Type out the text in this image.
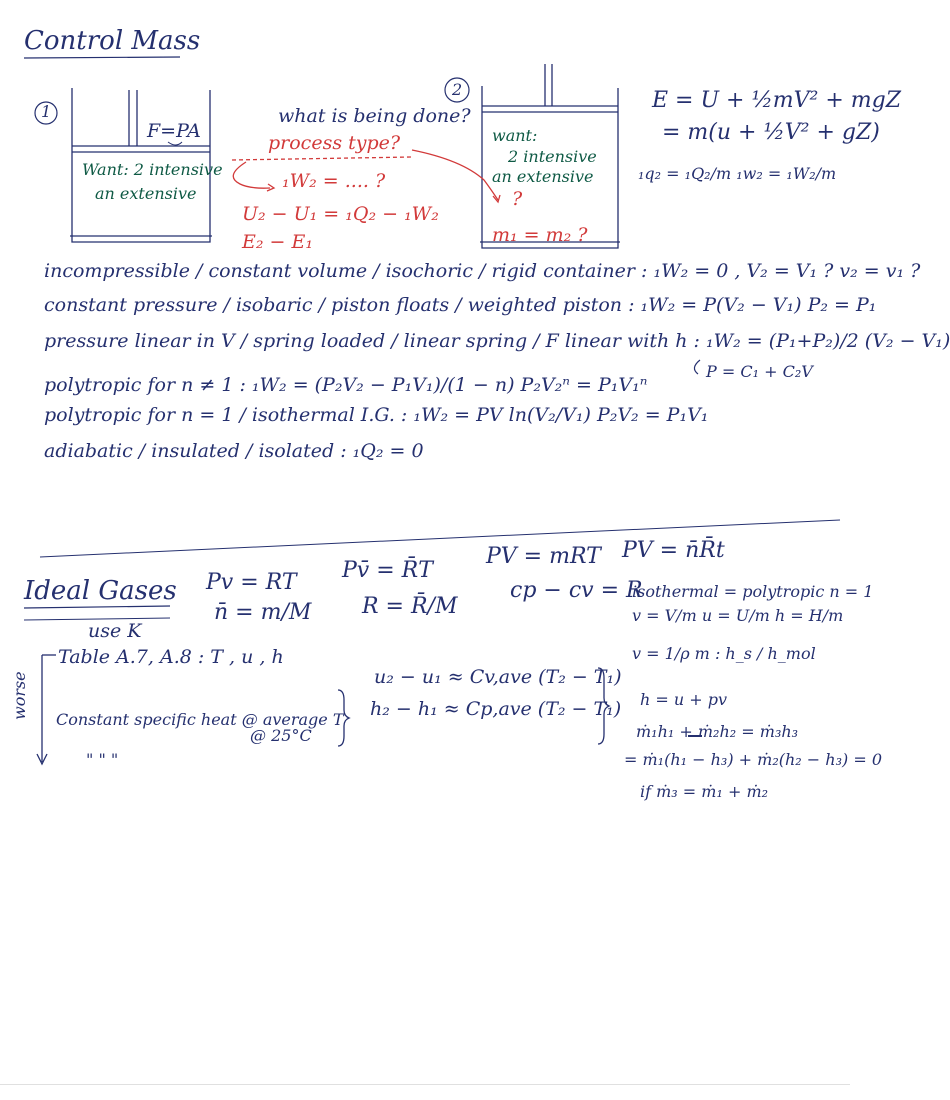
Control Mass
1
F=PA
Want: 2 intensive
an extensive
2
want:
2 intensive
an extensive
?
m₁ = m₂ ?
what is being done?
process type?
₁W₂ = .... ?
U₂ − U₁ = ₁Q₂ − ₁W₂
E₂ − E₁
E = U + ½mV² + mgZ
= m(u + ½V² + gZ)
₁q₂ = ₁Q₂/m ₁w₂ = ₁W₂/m
incompressible / constant volume / isochoric / rigid container : ₁W₂ = 0 , V₂ = V₁ ? v₂ = v₁ ?
constant pressure / isobaric / piston floats / weighted piston : ₁W₂ = P(V₂ − V₁) P₂ = P₁
pressure linear in V / spring loaded / linear spring / F linear with h : ₁W₂ = (P₁+P₂)/2 (V₂ − V₁)
P = C₁ + C₂V
polytropic for n ≠ 1 : ₁W₂ = (P₂V₂ − P₁V₁)/(1 − n) P₂V₂ⁿ = P₁V₁ⁿ
polytropic for n = 1 / isothermal I.G. : ₁W₂ = PV ln(V₂/V₁) P₂V₂ = P₁V₁
adiabatic / insulated / isolated : ₁Q₂ = 0
Ideal Gases
use K
Pv = RT Pv̄ = R̄T
PV = mRT PV = n̄R̄t
n̄ = m/M R = R̄/M
cp − cv = R
Table A.7, A.8 : T , u , h
worse Constant specific heat @ average T
@ 25°C
" " "
u₂ − u₁ ≈ Cv,ave (T₂ − T₁)
h₂ − h₁ ≈ Cp,ave (T₂ − T₁)
isothermal = polytropic n = 1
v = V/m u = U/m h = H/m
v = 1/ρ m : h_s / h_mol
h = u + pv
ṁ₁h₁ + ṁ₂h₂ = ṁ₃h₃
= ṁ₁(h₁ − h₃) + ṁ₂(h₂ − h₃) = 0
if ṁ₃ = ṁ₁ + ṁ₂
